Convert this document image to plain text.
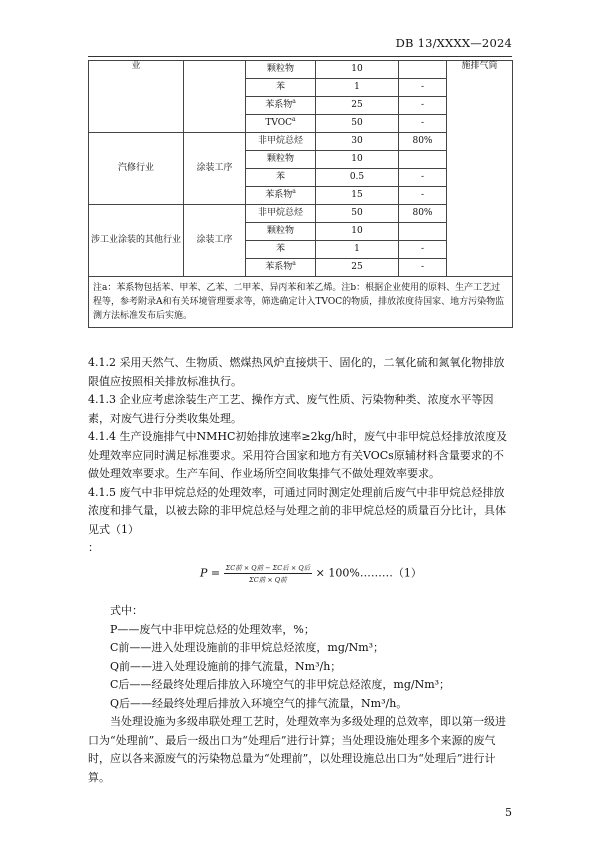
DB 13/XXXX—2024
业		颗粒物	10		施排气筒
		苯	1	-	
		苯系物$^a$	25	-	
		TVOC$^a$	50	-	
汽修行业	涂装工序	非甲烷总烃	30	80%	
		颗粒物	10		
		苯	0.5	-	
		苯系物$^a$	15	-	
涉工业涂装的其他行业	涂装工序	非甲烷总烃	50	80%	
		颗粒物	10		
		苯	1	-	
		苯系物$^a$	25	-	
注a：苯系物包括苯、甲苯、乙苯、二甲苯、异丙苯和苯乙烯。注b：根据企业使用的原料、生产工艺过程等，参考附录A和有关环境管理要求等，筛选确定计入TVOC的物质，排放浓度待国家、地方污染物监测方法标准发布后实施。					

4.1.2 采用天然气、生物质、燃煤热风炉直接烘干、固化的，二氧化硫和氮氧化物排放限值应按照相关排放标准执行。

4.1.3 企业应考虑涂装生产工艺、操作方式、废气性质、污染物种类、浓度水平等因素，对废气进行分类收集处理。

4.1.4 生产设施排气中NMHC初始排放速率≥2kg/h时，废气中非甲烷总烃排放浓度及处理效率应同时满足标准要求。采用符合国家和地方有关VOCs原辅材料含量要求的不做处理效率要求。生产车间、作业场所空间收集排气不做处理效率要求。

4.1.5 废气中非甲烷总烃的处理效率，可通过同时测定处理前后废气中非甲烷总烃排放浓度和排气量，以被去除的非甲烷总烃与处理之前的非甲烷总烃的质量百分比计，具体见式（1）

：

$P = \frac{\text{ΣC前 × Q前 − ΣC后 × Q后}}{\text{ΣC前 × Q前}}$ × 100%………（1）

式中：

P——废气中非甲烷总烃的处理效率，%；

C前——进入处理设施前的非甲烷总烃浓度，mg/Nm³；

Q前——进入处理设施前的排气流量，Nm³/h；

C后——经最终处理后排放入环境空气的非甲烷总烃浓度，mg/Nm³；

Q后——经最终处理后排放入环境空气的排气流量，Nm³/h。

当处理设施为多级串联处理工艺时，处理效率为多级处理的总效率，即以第一级进口为“处理前”、最后一级出口为“处理后”进行计算；当处理设施处理多个来源的废气时，应以各来源废气的污染物总量为“处理前”，以处理设施总出口为“处理后”进行计算。

5
